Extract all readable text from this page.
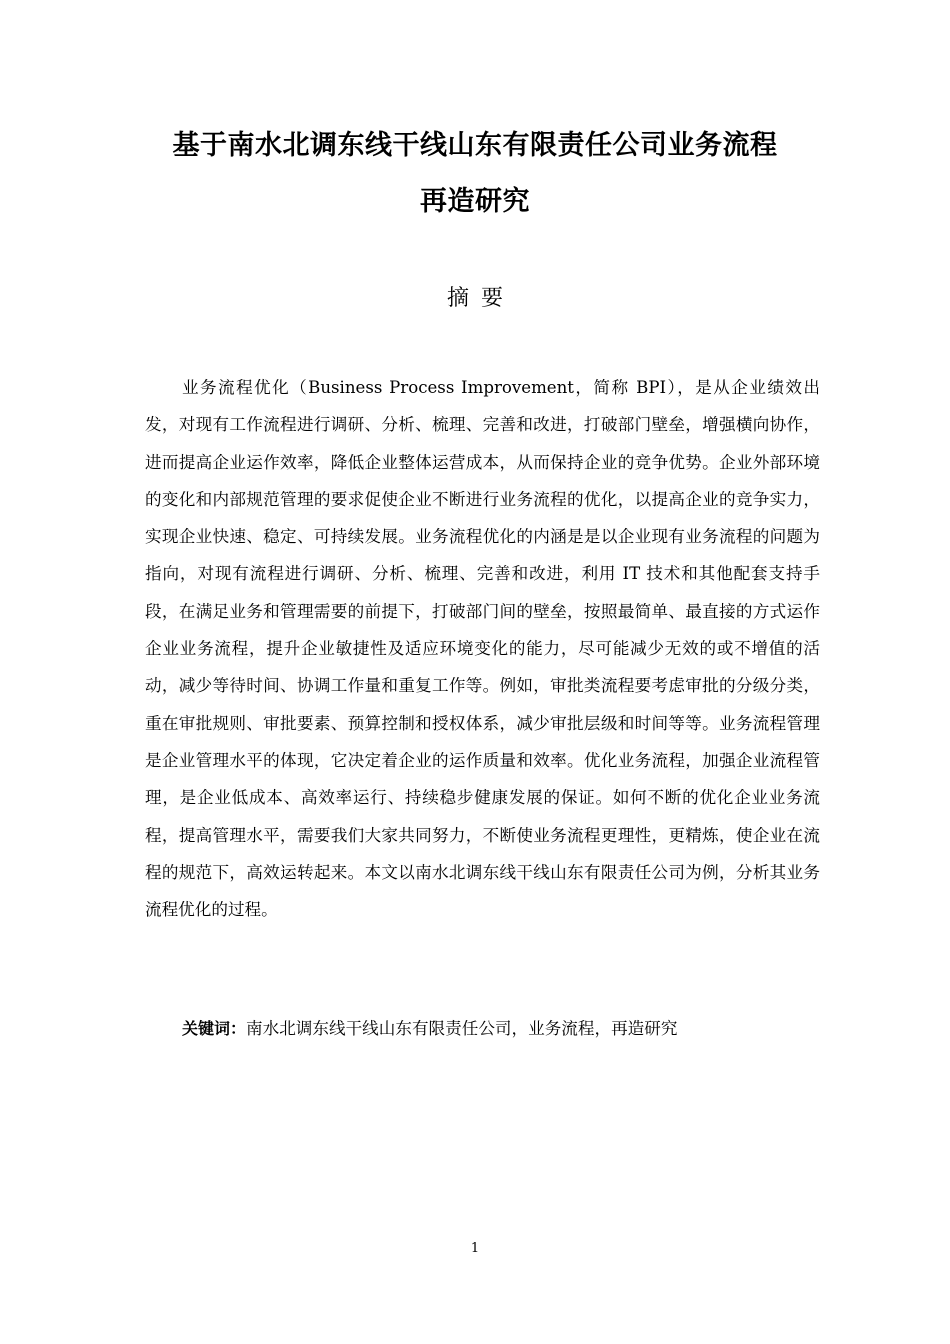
基于南水北调东线干线山东有限责任公司业务流程

再造研究

摘要

业务流程优化（Business Process Improvement，简称 BPI），是从企业绩效出发，对现有工作流程进行调研、分析、梳理、完善和改进，打破部门壁垒，增强横向协作，进而提高企业运作效率，降低企业整体运营成本，从而保持企业的竞争优势。企业外部环境的变化和内部规范管理的要求促使企业不断进行业务流程的优化，以提高企业的竞争实力，实现企业快速、稳定、可持续发展。业务流程优化的内涵是是以企业现有业务流程的问题为指向，对现有流程进行调研、分析、梳理、完善和改进，利用 IT 技术和其他配套支持手段，在满足业务和管理需要的前提下，打破部门间的壁垒，按照最简单、最直接的方式运作企业业务流程，提升企业敏捷性及适应环境变化的能力，尽可能减少无效的或不增值的活动，减少等待时间、协调工作量和重复工作等。例如，审批类流程要考虑审批的分级分类，重在审批规则、审批要素、预算控制和授权体系，减少审批层级和时间等等。业务流程管理是企业管理水平的体现，它决定着企业的运作质量和效率。优化业务流程，加强企业流程管理，是企业低成本、高效率运行、持续稳步健康发展的保证。如何不断的优化企业业务流程，提高管理水平，需要我们大家共同努力，不断使业务流程更理性，更精炼，使企业在流程的规范下，高效运转起来。本文以南水北调东线干线山东有限责任公司为例，分析其业务流程优化的过程。

关键词：南水北调东线干线山东有限责任公司，业务流程，再造研究
1
